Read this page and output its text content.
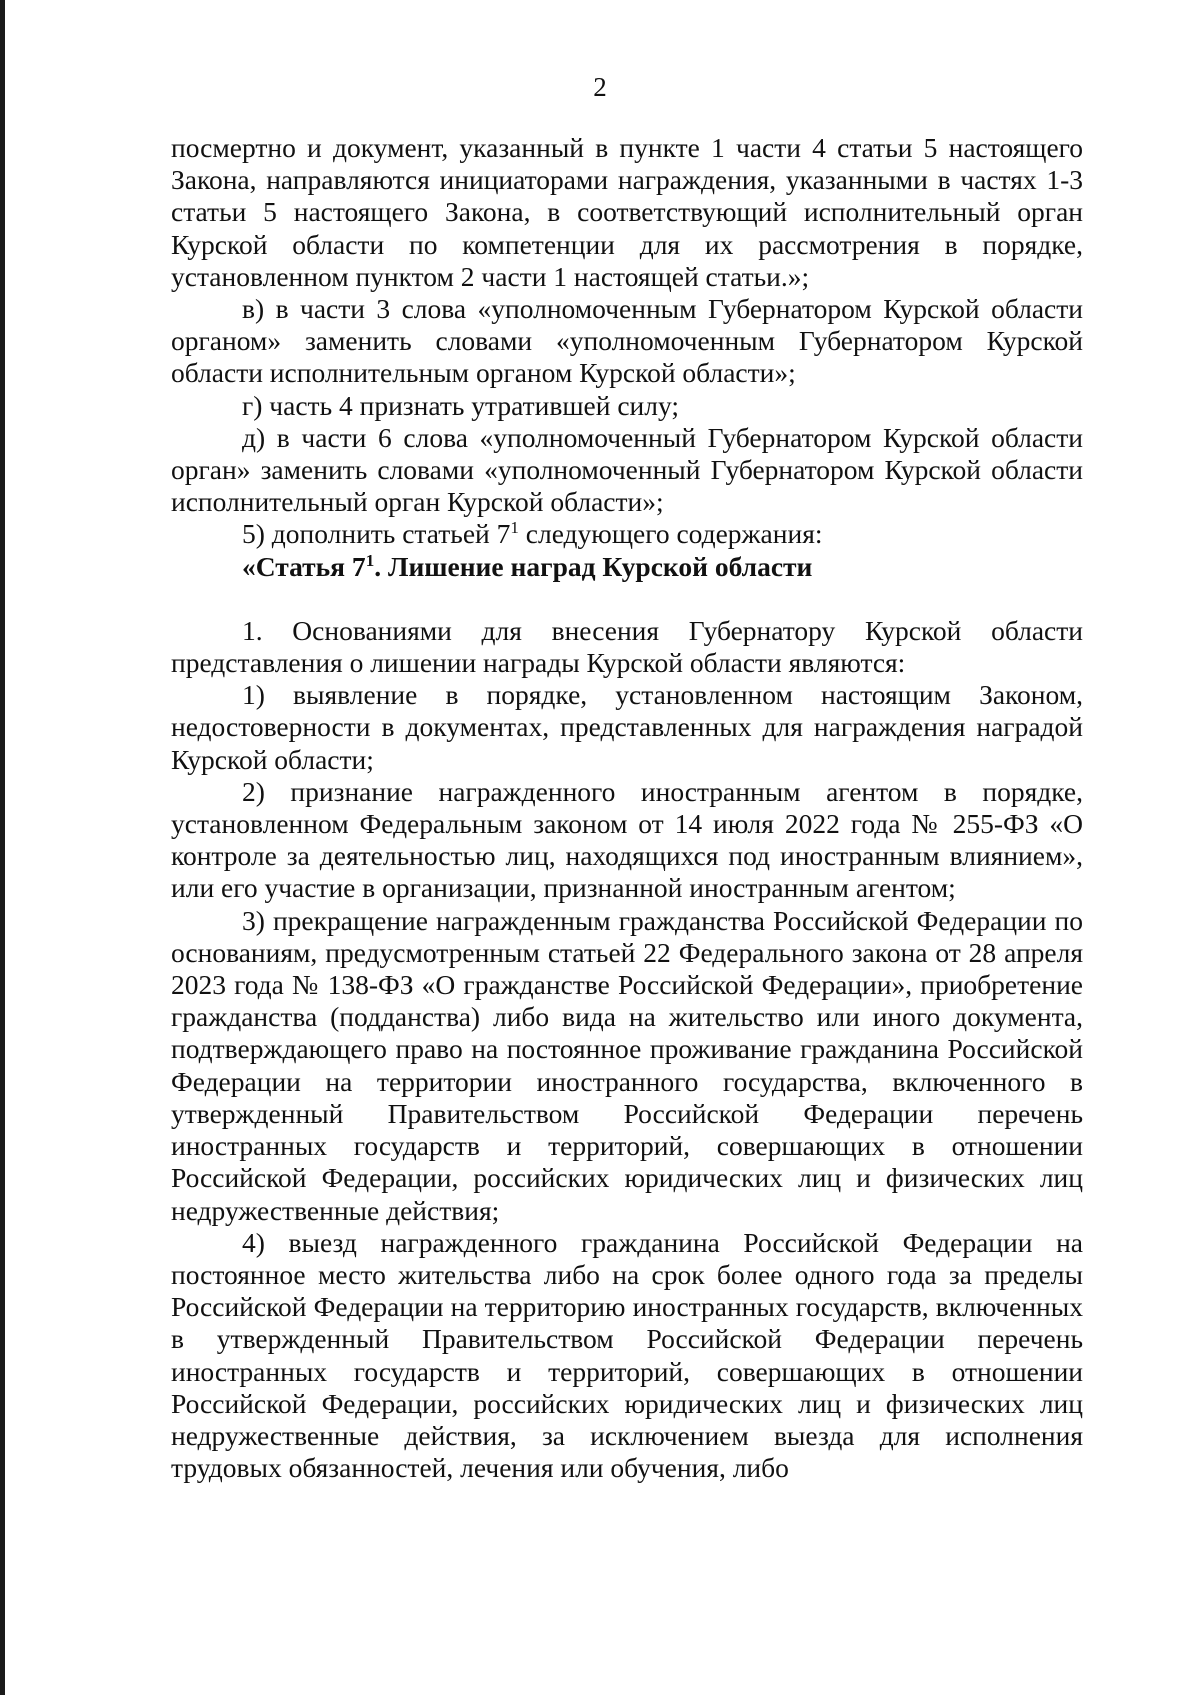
2

посмертно и документ, указанный в пункте 1 части 4 статьи 5 настоящего Закона, направляются инициаторами награждения, указанными в частях 1-3 статьи 5 настоящего Закона, в соответствующий исполнительный орган Курской области по компетенции для их рассмотрения в порядке, установленном пунктом 2 части 1 настоящей статьи.»;

в) в части 3 слова «уполномоченным Губернатором Курской области органом» заменить словами «уполномоченным Губернатором Курской области исполнительным органом Курской области»;

г) часть 4 признать утратившей силу;

д) в части 6 слова «уполномоченный Губернатором Курской области орган» заменить словами «уполномоченный Губернатором Курской области исполнительный орган Курской области»;

5) дополнить статьей $7^1$ следующего содержания:

«Статья $7^1$. Лишение наград Курской области

1. Основаниями для внесения Губернатору Курской области представления о лишении награды Курской области являются:

1) выявление в порядке, установленном настоящим Законом, недостоверности в документах, представленных для награждения наградой Курской области;

2) признание награжденного иностранным агентом в порядке, установленном Федеральным законом от 14 июля 2022 года № 255-ФЗ «О контроле за деятельностью лиц, находящихся под иностранным влиянием», или его участие в организации, признанной иностранным агентом;

3) прекращение награжденным гражданства Российской Федерации по основаниям, предусмотренным статьей 22 Федерального закона от 28 апреля 2023 года № 138-ФЗ «О гражданстве Российской Федерации», приобретение гражданства (подданства) либо вида на жительство или иного документа, подтверждающего право на постоянное проживание гражданина Российской Федерации на территории иностранного государства, включенного в утвержденный Правительством Российской Федерации перечень иностранных государств и территорий, совершающих в отношении Российской Федерации, российских юридических лиц и физических лиц недружественные действия;

4) выезд награжденного гражданина Российской Федерации на постоянное место жительства либо на срок более одного года за пределы Российской Федерации на территорию иностранных государств, включенных в утвержденный Правительством Российской Федерации перечень иностранных государств и территорий, совершающих в отношении Российской Федерации, российских юридических лиц и физических лиц недружественные действия, за исключением выезда для исполнения трудовых обязанностей, лечения или обучения, либо
